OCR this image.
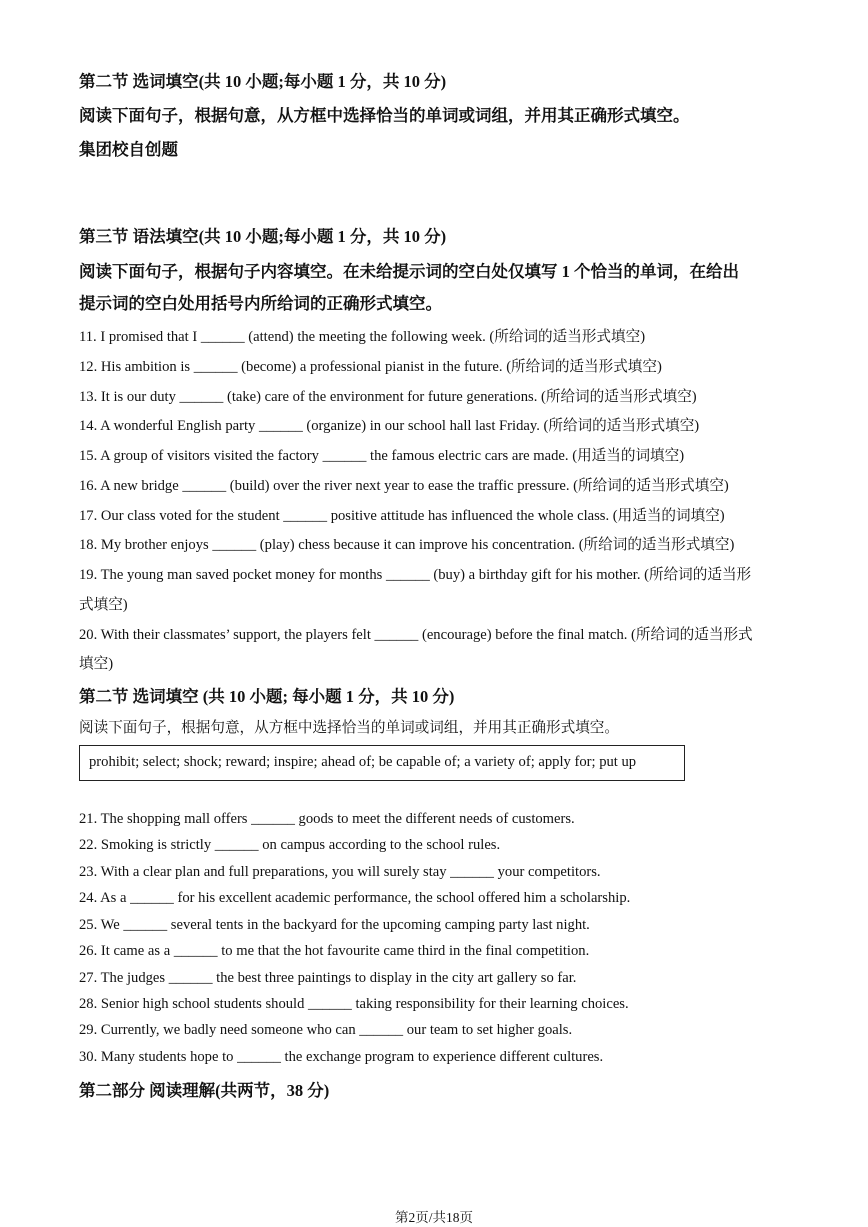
第二节 选词填空(共 10 小题;每小题 1 分，共 10 分)
阅读下面句子，根据句意，从方框中选择恰当的单词或词组，并用其正确形式填空。
集团校自创题
第三节 语法填空(共 10 小题;每小题 1 分，共 10 分)
阅读下面句子，根据句子内容填空。在未给提示词的空白处仅填写 1 个恰当的单词，在给出
提示词的空白处用括号内所给词的正确形式填空。
11. I promised that I ______ (attend) the meeting the following week. (所给词的适当形式填空)
12. His ambition is ______ (become) a professional pianist in the future. (所给词的适当形式填空)
13. It is our duty ______ (take) care of the environment for future generations. (所给词的适当形式填空)
14. A wonderful English party ______ (organize) in our school hall last Friday. (所给词的适当形式填空)
15. A group of visitors visited the factory ______ the famous electric cars are made. (用适当的词填空)
16. A new bridge ______ (build) over the river next year to ease the traffic pressure. (所给词的适当形式填空)
17. Our class voted for the student ______ positive attitude has influenced the whole class. (用适当的词填空)
18. My brother enjoys ______ (play) chess because it can improve his concentration. (所给词的适当形式填空)
19. The young man saved pocket money for months ______ (buy) a birthday gift for his mother. (所给词的适当形
式填空)
20. With their classmates’ support, the players felt ______ (encourage) before the final match. (所给词的适当形式
填空)
第二节 选词填空 (共 10 小题; 每小题 1 分，共 10 分)
阅读下面句子，根据句意，从方框中选择恰当的单词或词组，并用其正确形式填空。
prohibit; select; shock; reward; inspire; ahead of; be capable of; a variety of; apply for; put up
21. The shopping mall offers ______ goods to meet the different needs of customers.
22. Smoking is strictly ______ on campus according to the school rules.
23. With a clear plan and full preparations, you will surely stay ______ your competitors.
24. As a ______ for his excellent academic performance, the school offered him a scholarship.
25. We ______ several tents in the backyard for the upcoming camping party last night.
26. It came as a ______ to me that the hot favourite came third in the final competition.
27. The judges ______ the best three paintings to display in the city art gallery so far.
28. Senior high school students should ______ taking responsibility for their learning choices.
29. Currently, we badly need someone who can ______ our team to set higher goals.
30. Many students hope to ______ the exchange program to experience different cultures.
第二部分 阅读理解(共两节，38 分)
第2页/共18页
